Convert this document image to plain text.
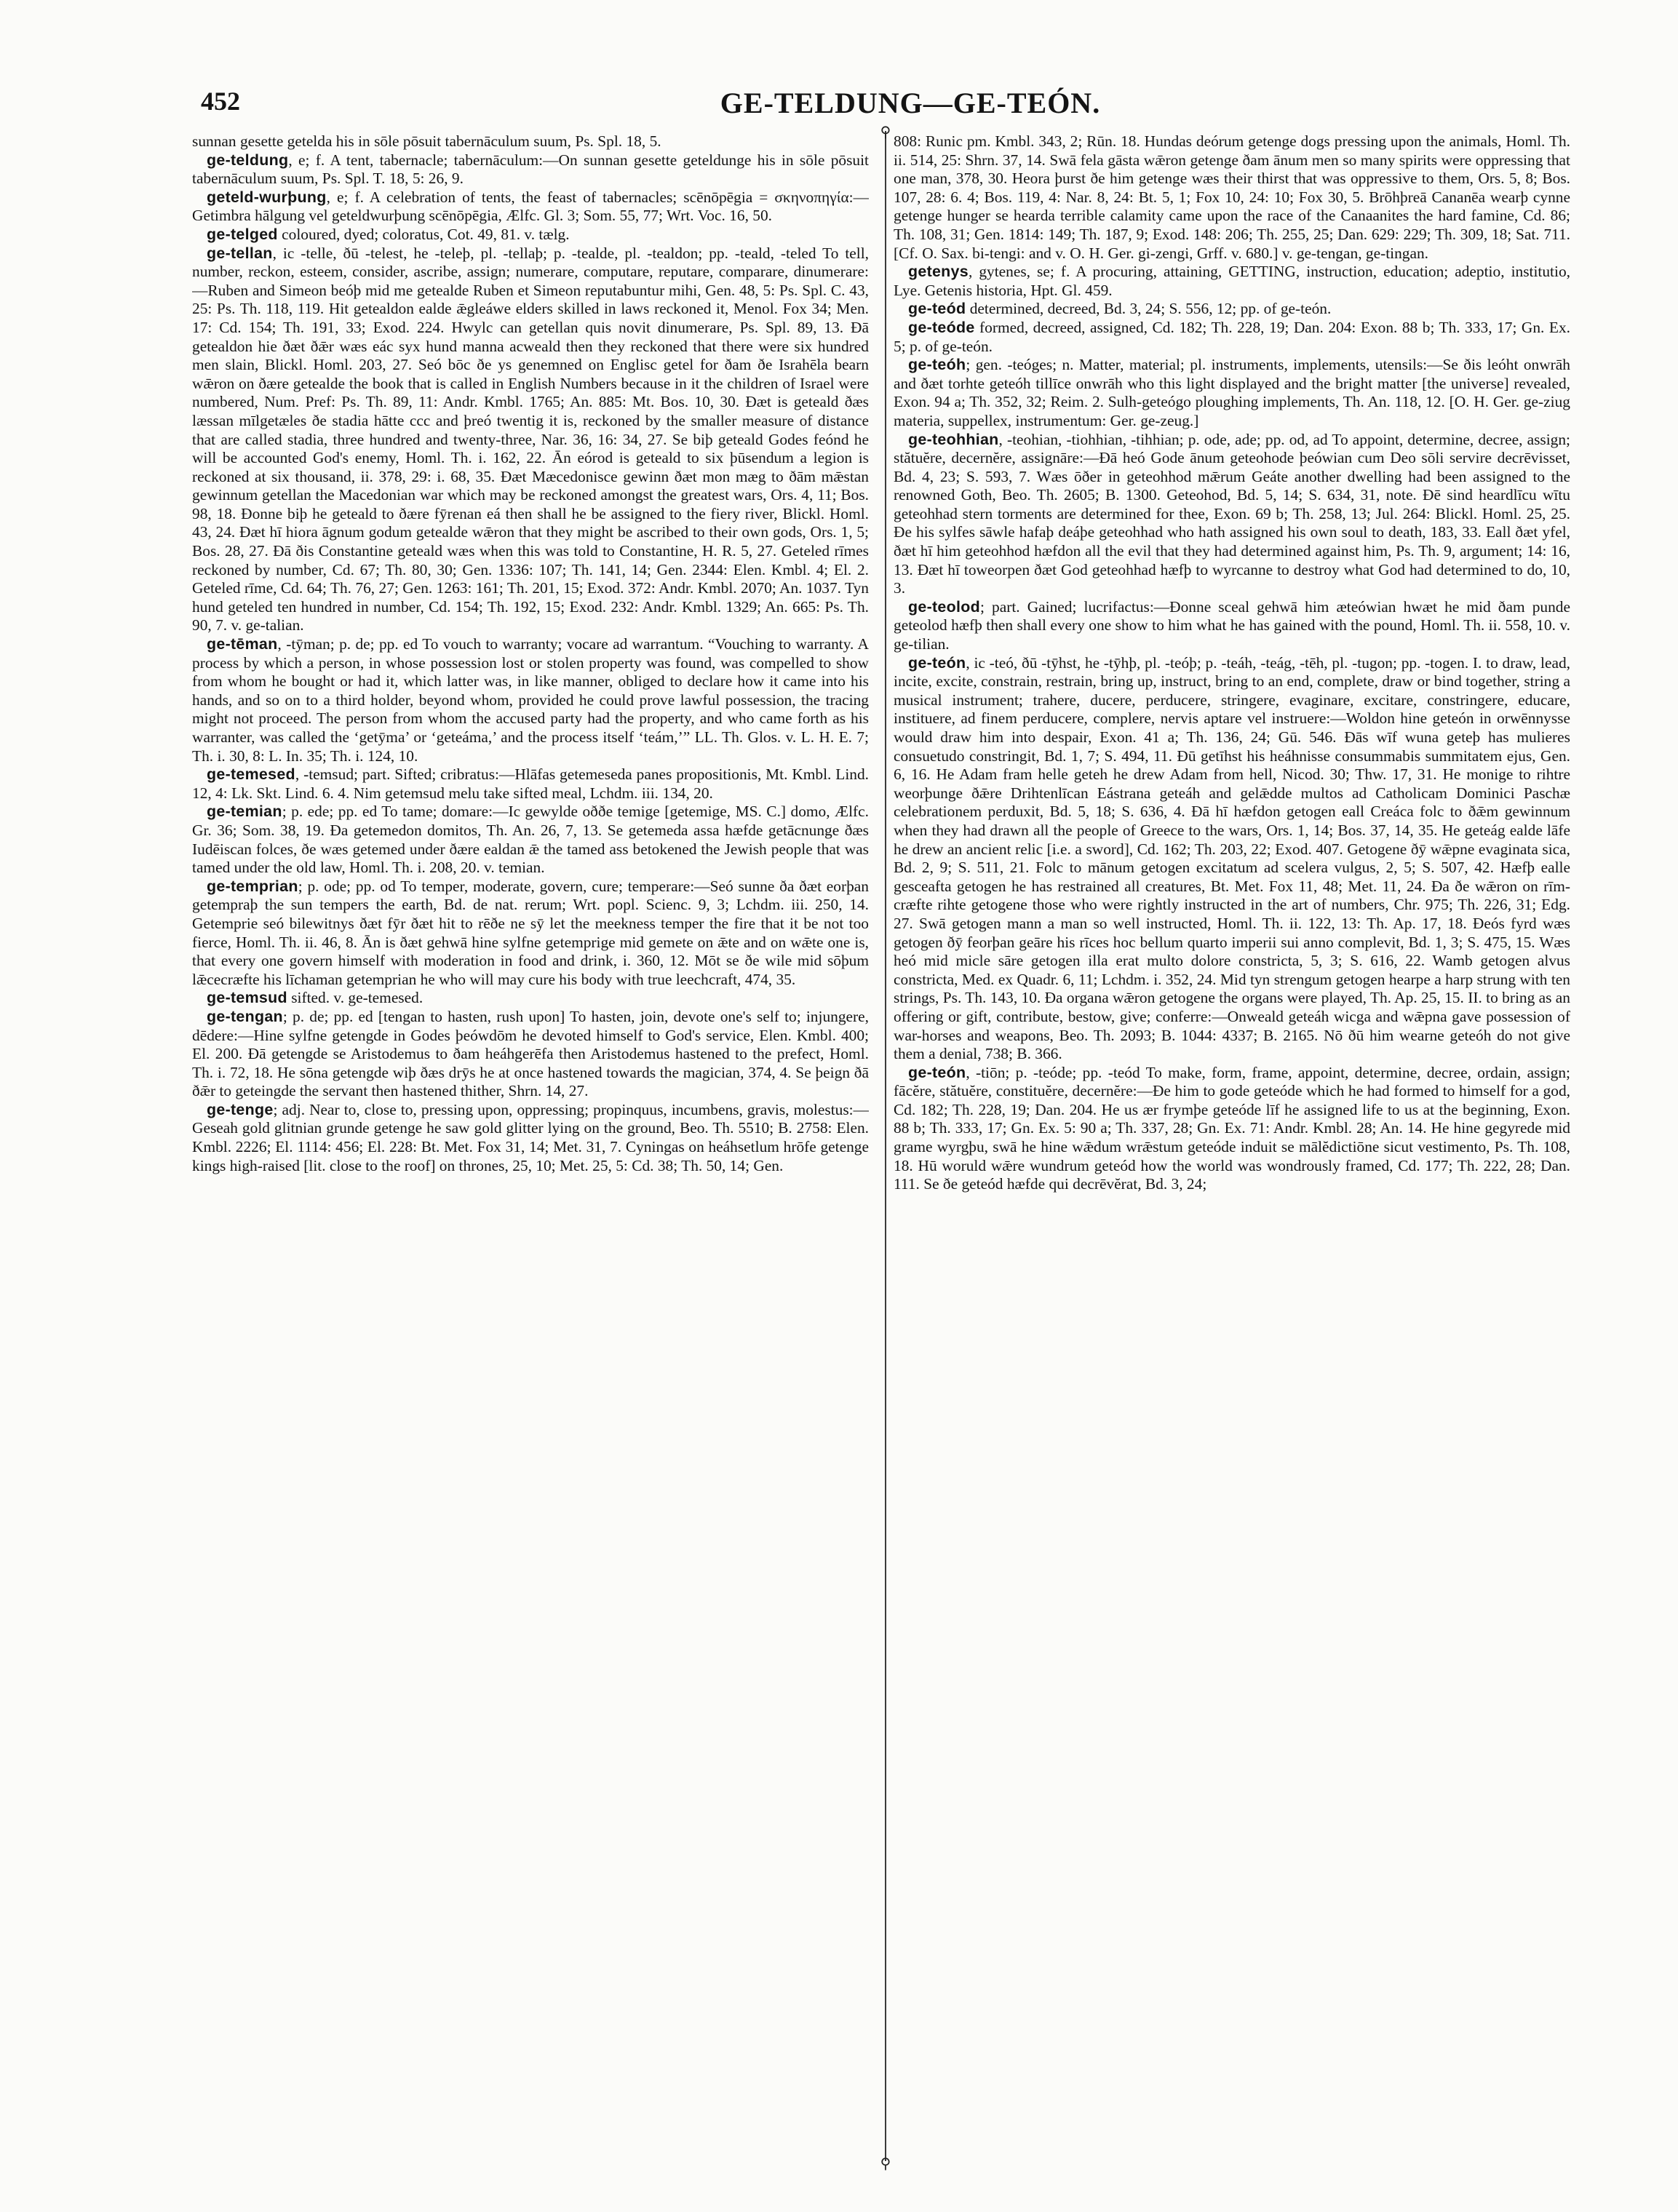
452	GE-TELDUNG—GE-TEÓN.
⚲
⚲

sunnan gesette getelda his in sōle pōsuit tabernāculum suum, Ps. Spl. 18, 5.

ge-teldung, e; f. A tent, tabernacle; tabernāculum:—On sunnan gesette geteldunge his in sōle pōsuit tabernāculum suum, Ps. Spl. T. 18, 5: 26, 9.

geteld-wurþung, e; f. A celebration of tents, the feast of tabernacles; scēnōpēgia = σκηνοπηγία:—Getimbra hālgung vel geteldwurþung scēnōpēgia, Ælfc. Gl. 3; Som. 55, 77; Wrt. Voc. 16, 50.

ge-telged coloured, dyed; coloratus, Cot. 49, 81. v. tælg.

ge-tellan, ic -telle, ðū -telest, he -teleþ, pl. -tellaþ; p. -tealde, pl. -tealdon; pp. -teald, -teled To tell, number, reckon, esteem, consider, ascribe, assign; numerare, computare, reputare, comparare, dinumerare:—Ruben and Simeon beóþ mid me getealde Ruben et Simeon reputabuntur mihi, Gen. 48, 5: Ps. Spl. C. 43, 25: Ps. Th. 118, 119. Hit getealdon ealde ǣgleáwe elders skilled in laws reckoned it, Menol. Fox 34; Men. 17: Cd. 154; Th. 191, 33; Exod. 224. Hwylc can getellan quis novit dinumerare, Ps. Spl. 89, 13. Ðā getealdon hie ðæt ðǣr wæs eác syx hund manna acweald then they reckoned that there were six hundred men slain, Blickl. Homl. 203, 27. Seó bōc ðe ys genemned on Englisc getel for ðam ðe Israhēla bearn wǣron on ðære getealde the book that is called in English Numbers because in it the children of Israel were numbered, Num. Pref: Ps. Th. 89, 11: Andr. Kmbl. 1765; An. 885: Mt. Bos. 10, 30. Ðæt is geteald ðæs læssan mīlgetæles ðe stadia hātte ccc and þreó twentig it is, reckoned by the smaller measure of distance that are called stadia, three hundred and twenty-three, Nar. 36, 16: 34, 27. Se biþ geteald Godes feónd he will be accounted God's enemy, Homl. Th. i. 162, 22. Ān eórod is geteald to six þūsendum a legion is reckoned at six thousand, ii. 378, 29: i. 68, 35. Ðæt Mæcedonisce gewinn ðæt mon mæg to ðām mǣstan gewinnum getellan the Macedonian war which may be reckoned amongst the greatest wars, Ors. 4, 11; Bos. 98, 18. Ðonne biþ he geteald to ðære fȳrenan eá then shall he be assigned to the fiery river, Blickl. Homl. 43, 24. Ðæt hī hiora āgnum godum getealde wǣron that they might be ascribed to their own gods, Ors. 1, 5; Bos. 28, 27. Ðā ðis Constantine geteald wæs when this was told to Constantine, H. R. 5, 27. Geteled rīmes reckoned by number, Cd. 67; Th. 80, 30; Gen. 1336: 107; Th. 141, 14; Gen. 2344: Elen. Kmbl. 4; El. 2. Geteled rīme, Cd. 64; Th. 76, 27; Gen. 1263: 161; Th. 201, 15; Exod. 372: Andr. Kmbl. 2070; An. 1037. Tyn hund geteled ten hundred in number, Cd. 154; Th. 192, 15; Exod. 232: Andr. Kmbl. 1329; An. 665: Ps. Th. 90, 7. v. ge-talian.

ge-tēman, -tȳman; p. de; pp. ed To vouch to warranty; vocare ad warrantum. “Vouching to warranty. A process by which a person, in whose possession lost or stolen property was found, was compelled to show from whom he bought or had it, which latter was, in like manner, obliged to declare how it came into his hands, and so on to a third holder, beyond whom, provided he could prove lawful possession, the tracing might not proceed. The person from whom the accused party had the property, and who came forth as his warranter, was called the ‘getȳma’ or ‘geteáma,’ and the process itself ‘teám,’” LL. Th. Glos. v. L. H. E. 7; Th. i. 30, 8: L. In. 35; Th. i. 124, 10.

ge-temesed, -temsud; part. Sifted; cribratus:—Hlāfas getemeseda panes propositionis, Mt. Kmbl. Lind. 12, 4: Lk. Skt. Lind. 6. 4. Nim getemsud melu take sifted meal, Lchdm. iii. 134, 20.

ge-temian; p. ede; pp. ed To tame; domare:—Ic gewylde oððe temige [getemige, MS. C.] domo, Ælfc. Gr. 36; Som. 38, 19. Ða getemedon domitos, Th. An. 26, 7, 13. Se getemeda assa hæfde getācnunge ðæs Iudēiscan folces, ðe wæs getemed under ðære ealdan ǣ the tamed ass betokened the Jewish people that was tamed under the old law, Homl. Th. i. 208, 20. v. temian.

ge-temprian; p. ode; pp. od To temper, moderate, govern, cure; temperare:—Seó sunne ða ðæt eorþan getempraþ the sun tempers the earth, Bd. de nat. rerum; Wrt. popl. Scienc. 9, 3; Lchdm. iii. 250, 14. Getemprie seó bilewitnys ðæt fȳr ðæt hit to rēðe ne sȳ let the meekness temper the fire that it be not too fierce, Homl. Th. ii. 46, 8. Ān is ðæt gehwā hine sylfne getemprige mid gemete on ǣte and on wǣte one is, that every one govern himself with moderation in food and drink, i. 360, 12. Mōt se ðe wile mid sōþum lǣcecræfte his līchaman getemprian he who will may cure his body with true leechcraft, 474, 35.

ge-temsud sifted. v. ge-temesed.

ge-tengan; p. de; pp. ed [tengan to hasten, rush upon] To hasten, join, devote one's self to; injungere, dēdere:—Hine sylfne getengde in Godes þeówdōm he devoted himself to God's service, Elen. Kmbl. 400; El. 200. Ðā getengde se Aristodemus to ðam heáhgerēfa then Aristodemus hastened to the prefect, Homl. Th. i. 72, 18. He sōna getengde wiþ ðæs drȳs he at once hastened towards the magician, 374, 4. Se þeign ðā ðǣr to geteingde the servant then hastened thither, Shrn. 14, 27.

ge-tenge; adj. Near to, close to, pressing upon, oppressing; propinquus, incumbens, gravis, molestus:—Geseah gold glitnian grunde getenge he saw gold glitter lying on the ground, Beo. Th. 5510; B. 2758: Elen. Kmbl. 2226; El. 1114: 456; El. 228: Bt. Met. Fox 31, 14; Met. 31, 7. Cyningas on heáhsetlum hrōfe getenge kings high-raised [lit. close to the roof] on thrones, 25, 10; Met. 25, 5: Cd. 38; Th. 50, 14; Gen.

808: Runic pm. Kmbl. 343, 2; Rūn. 18. Hundas deórum getenge dogs pressing upon the animals, Homl. Th. ii. 514, 25: Shrn. 37, 14. Swā fela gāsta wǣron getenge ðam ānum men so many spirits were oppressing that one man, 378, 30. Heora þurst ðe him getenge wæs their thirst that was oppressive to them, Ors. 5, 8; Bos. 107, 28: 6. 4; Bos. 119, 4: Nar. 8, 24: Bt. 5, 1; Fox 10, 24: 10; Fox 30, 5. Brōhþreā Cananēa wearþ cynne getenge hunger se hearda terrible calamity came upon the race of the Canaanites the hard famine, Cd. 86; Th. 108, 31; Gen. 1814: 149; Th. 187, 9; Exod. 148: 206; Th. 255, 25; Dan. 629: 229; Th. 309, 18; Sat. 711. [Cf. O. Sax. bi-tengi: and v. O. H. Ger. gi-zengi, Grff. v. 680.] v. ge-tengan, ge-tingan.

getenys, gytenes, se; f. A procuring, attaining, GETTING, instruction, education; adeptio, institutio, Lye. Getenis historia, Hpt. Gl. 459.

ge-teód determined, decreed, Bd. 3, 24; S. 556, 12; pp. of ge-teón.

ge-teóde formed, decreed, assigned, Cd. 182; Th. 228, 19; Dan. 204: Exon. 88 b; Th. 333, 17; Gn. Ex. 5; p. of ge-teón.

ge-teóh; gen. -teóges; n. Matter, material; pl. instruments, implements, utensils:—Se ðis leóht onwrāh and ðæt torhte geteóh tillīce onwrāh who this light displayed and the bright matter [the universe] revealed, Exon. 94 a; Th. 352, 32; Reim. 2. Sulh-geteógo ploughing implements, Th. An. 118, 12. [O. H. Ger. ge-ziug materia, suppellex, instrumentum: Ger. ge-zeug.]

ge-teohhian, -teohian, -tiohhian, -tihhian; p. ode, ade; pp. od, ad To appoint, determine, decree, assign; stătuĕre, decernĕre, assignāre:—Ðā heó Gode ānum geteohode þeówian cum Deo sōli servire decrēvisset, Bd. 4, 23; S. 593, 7. Wæs ōðer in geteohhod mǣrum Geáte another dwelling had been assigned to the renowned Goth, Beo. Th. 2605; B. 1300. Geteohod, Bd. 5, 14; S. 634, 31, note. Ðē sind heardlīcu wītu geteohhad stern torments are determined for thee, Exon. 69 b; Th. 258, 13; Jul. 264: Blickl. Homl. 25, 25. Ðe his sylfes sāwle hafaþ deáþe geteohhad who hath assigned his own soul to death, 183, 33. Eall ðæt yfel, ðæt hī him geteohhod hæfdon all the evil that they had determined against him, Ps. Th. 9, argument; 14: 16, 13. Ðæt hī toweorpen ðæt God geteohhad hæfþ to wyrcanne to destroy what God had determined to do, 10, 3.

ge-teolod; part. Gained; lucrifactus:—Ðonne sceal gehwā him ætеówian hwæt he mid ðam punde geteolod hæfþ then shall every one show to him what he has gained with the pound, Homl. Th. ii. 558, 10. v. ge-tilian.

ge-teón, ic -teó, ðū -tȳhst, he -tȳhþ, pl. -teóþ; p. -teáh, -teág, -tēh, pl. -tugon; pp. -togen. I. to draw, lead, incite, excite, constrain, restrain, bring up, instruct, bring to an end, complete, draw or bind together, string a musical instrument; trahere, ducere, perducere, stringere, evaginare, excitare, constringere, educare, instituere, ad finem perducere, complere, nervis aptare vel instruere:—Woldon hine geteón in orwēnnysse would draw him into despair, Exon. 41 a; Th. 136, 24; Gū. 546. Ðās wīf wuna geteþ has mulieres consuetudo constringit, Bd. 1, 7; S. 494, 11. Ðū getīhst his heáhnisse consummabis summitatem ejus, Gen. 6, 16. He Adam fram helle geteh he drew Adam from hell, Nicod. 30; Thw. 17, 31. He monige to rihtre weorþunge ðǣre Drihtenlīcan Eástrana geteáh and gelǣdde multos ad Catholicam Dominici Paschæ celebrationem perduxit, Bd. 5, 18; S. 636, 4. Ðā hī hæfdon getogen eall Creáca folc to ðǣm gewinnum when they had drawn all the people of Greece to the wars, Ors. 1, 14; Bos. 37, 14, 35. He geteág ealde lāfe he drew an ancient relic [i.e. a sword], Cd. 162; Th. 203, 22; Exod. 407. Getogene ðȳ wǣpne evaginata sica, Bd. 2, 9; S. 511, 21. Folc to mānum getogen excitatum ad scelera vulgus, 2, 5; S. 507, 42. Hæfþ ealle gesceafta getogen he has restrained all creatures, Bt. Met. Fox 11, 48; Met. 11, 24. Ða ðe wǣron on rīm-cræfte rihte getogene those who were rightly instructed in the art of numbers, Chr. 975; Th. 226, 31; Edg. 27. Swā getogen mann a man so well instructed, Homl. Th. ii. 122, 13: Th. Ap. 17, 18. Ðeós fyrd wæs getogen ðȳ feorþan geāre his rīces hoc bellum quarto imperii sui anno complevit, Bd. 1, 3; S. 475, 15. Wæs heó mid micle sāre getogen illa erat multo dolore constricta, 5, 3; S. 616, 22. Wamb getogen alvus constricta, Med. ex Quadr. 6, 11; Lchdm. i. 352, 24. Mid tyn strengum getogen hearpe a harp strung with ten strings, Ps. Th. 143, 10. Ða organa wǣron getogene the organs were played, Th. Ap. 25, 15. II. to bring as an offering or gift, contribute, bestow, give; conferre:—Onweald geteáh wicga and wǣpna gave possession of war-horses and weapons, Beo. Th. 2093; B. 1044: 4337; B. 2165. Nō ðū him wearne geteóh do not give them a denial, 738; B. 366.

ge-teón, -tiōn; p. -teóde; pp. -teód To make, form, frame, appoint, determine, decree, ordain, assign; fācĕre, stătuĕre, constituĕre, decernĕre:—Ðe him to gode geteóde which he had formed to himself for a god, Cd. 182; Th. 228, 19; Dan. 204. He us ær frymþe geteóde līf he assigned life to us at the beginning, Exon. 88 b; Th. 333, 17; Gn. Ex. 5: 90 a; Th. 337, 28; Gn. Ex. 71: Andr. Kmbl. 28; An. 14. He hine gegyrede mid grame wyrgþu, swā he hine wǣdum wrǣstum geteóde induit se mālĕdictiōne sicut vestimento, Ps. Th. 108, 18. Hū woruld wǣre wundrum geteód how the world was wondrously framed, Cd. 177; Th. 222, 28; Dan. 111. Se ðe geteód hæfde qui decrēvĕrat, Bd. 3, 24;
